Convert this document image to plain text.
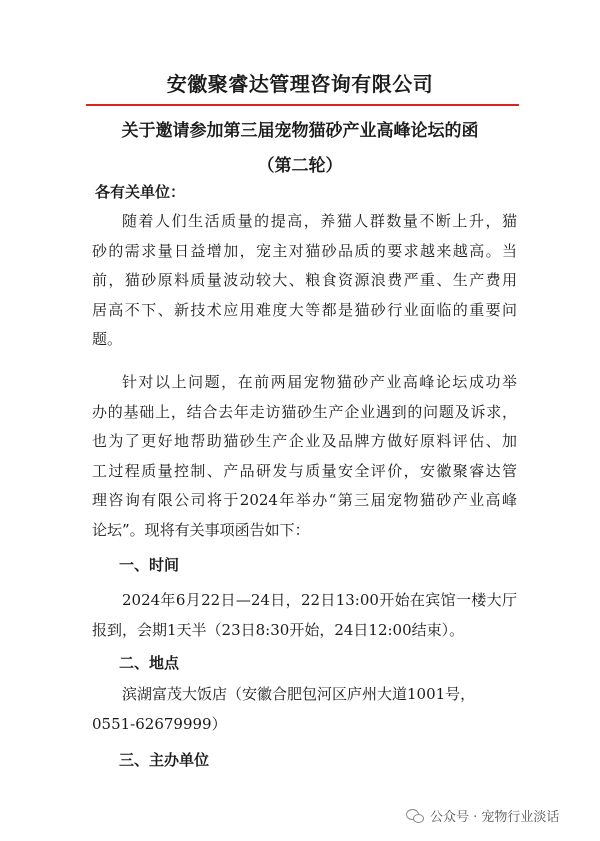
安徽聚睿达管理咨询有限公司
关于邀请参加第三届宠物猫砂产业高峰论坛的函
（第二轮）
各有关单位：
随着人们生活质量的提高，养猫人群数量不断上升，猫
砂的需求量日益增加，宠主对猫砂品质的要求越来越高。当
前，猫砂原料质量波动较大、粮食资源浪费严重、生产费用
居高不下、新技术应用难度大等都是猫砂行业面临的重要问
题。
针对以上问题，在前两届宠物猫砂产业高峰论坛成功举
办的基础上，结合去年走访猫砂生产企业遇到的问题及诉求，
也为了更好地帮助猫砂生产企业及品牌方做好原料评估、加
工过程质量控制、产品研发与质量安全评价，安徽聚睿达管
理咨询有限公司将于2024年举办“第三届宠物猫砂产业高峰
论坛”。现将有关事项函告如下：
一、时间
2024年6月22日—24日，22日13:00开始在宾馆一楼大厅
报到，会期1天半（23日8:30开始，24日12:00结束）。
二、地点
滨湖富茂大饭店（安徽合肥包河区庐州大道1001号，
0551-62679999）
三、主办单位
公众号 · 宠物行业淡话
